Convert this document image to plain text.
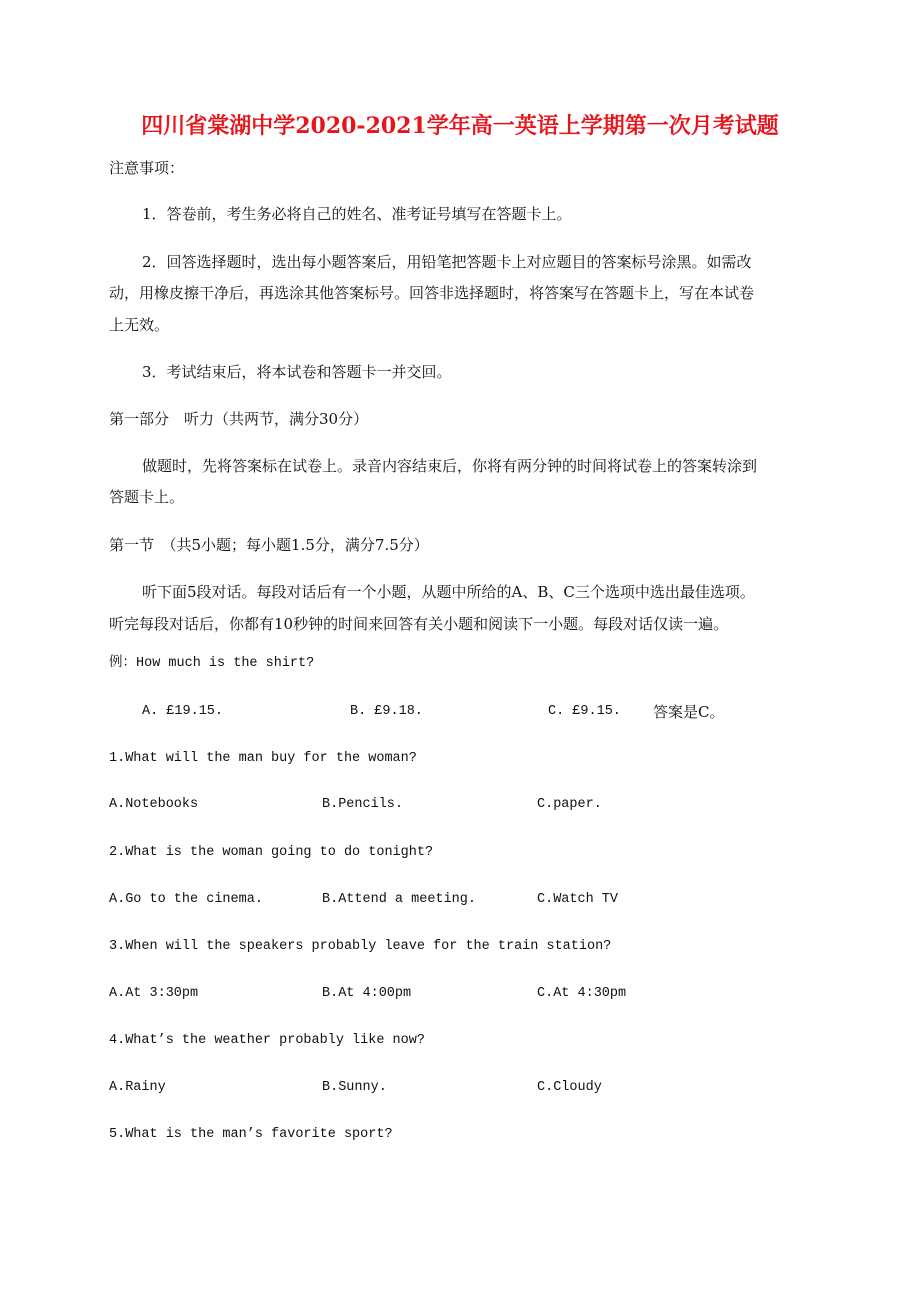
四川省棠湖中学2020-2021学年高一英语上学期第一次月考试题
注意事项：
1．答卷前，考生务必将自己的姓名、准考证号填写在答题卡上。
2．回答选择题时，选出每小题答案后，用铅笔把答题卡上对应题目的答案标号涂黑。如需改
动，用橡皮擦干净后，再选涂其他答案标号。回答非选择题时，将答案写在答题卡上，写在本试卷
上无效。
3．考试结束后，将本试卷和答题卡一并交回。
第一部分　听力（共两节，满分30分）
做题时，先将答案标在试卷上。录音内容结束后，你将有两分钟的时间将试卷上的答案转涂到
答题卡上。
第一节　（共5小题；每小题1.5分，满分7.5分）
听下面5段对话。每段对话后有一个小题，从题中所给的A、B、C三个选项中选出最佳选项。
听完每段对话后，你都有10秒钟的时间来回答有关小题和阅读下一小题。每段对话仅读一遍。
例：How much is the shirt?
A. £19.15.	B. £9.18.	C. £9.15. 答案是C。
1.What will the man buy for the woman?
A.Notebooks	B.Pencils.	C.paper.
2.What is the woman going to do tonight?
A.Go to the cinema.	B.Attend a meeting.	C.Watch TV
3.When will the speakers probably leave for the train station?
A.At 3:30pm	B.At 4:00pm	C.At 4:30pm
4.What’s the weather probably like now?
A.Rainy	B.Sunny.	C.Cloudy
5.What is the man’s favorite sport?
